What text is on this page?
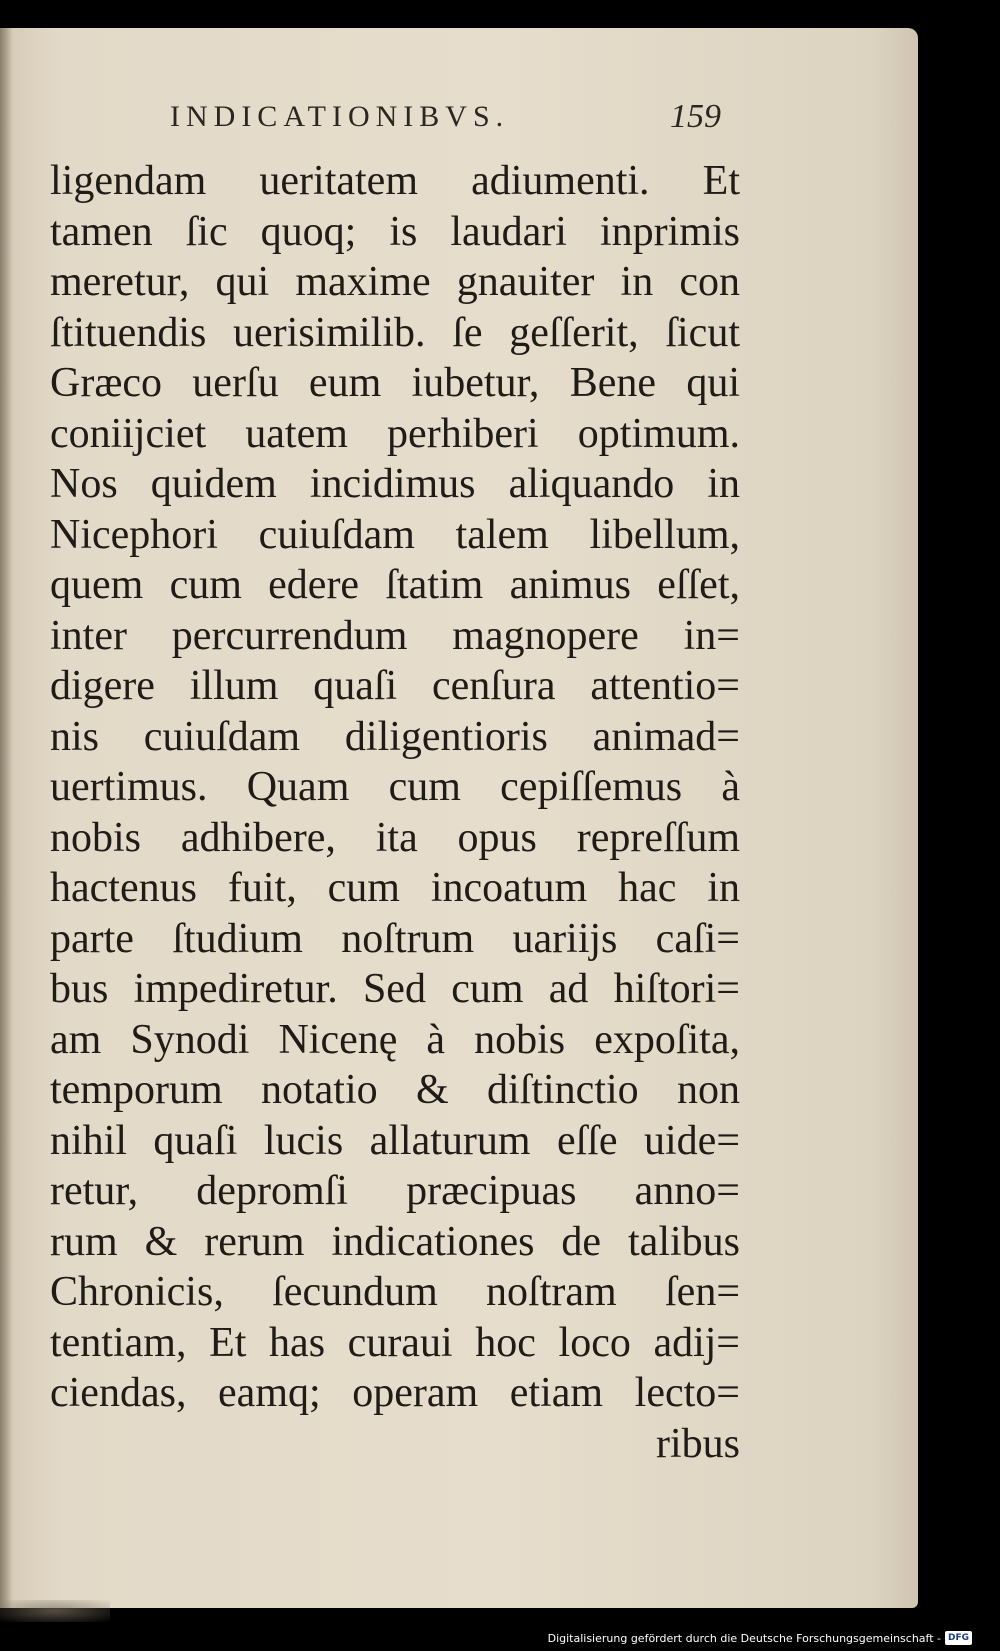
INDICATIONIBVS.	159
ligendam ueritatem adiumenti. Et
tamen ſic quoq; is laudari inprimis
meretur, qui maxime gnauiter in con
ſtituendis uerisimilib. ſe geſſerit, ſicut
Græco uerſu eum iubetur, Bene qui
coniĳciet uatem perhiberi optimum.
Nos quidem incidimus aliquando in
Nicephori cuiuſdam talem libellum,
quem cum edere ſtatim animus eſſet,
inter percurrendum magnopere in=
digere illum quaſi cenſura attentio=
nis cuiuſdam diligentioris animad=
uertimus. Quam cum cepiſſemus à
nobis adhibere, ita opus repreſſum
hactenus fuit, cum incoatum hac in
parte ſtudium noſtrum uariĳs caſi=
bus impediretur. Sed cum ad hiſtori=
am Synodi Nicenę à nobis expoſita,
temporum notatio & diſtinctio non
nihil quaſi lucis allaturum eſſe uide=
retur, depromſi præcipuas anno=
rum & rerum indicationes de talibus
Chronicis, ſecundum noſtram ſen=
tentiam, Et has curaui hoc loco adĳ=
ciendas, eamq; operam etiam lecto=
ribus
Digitalisierung gefördert durch die Deutsche Forschungsgemeinschaft - DFG
